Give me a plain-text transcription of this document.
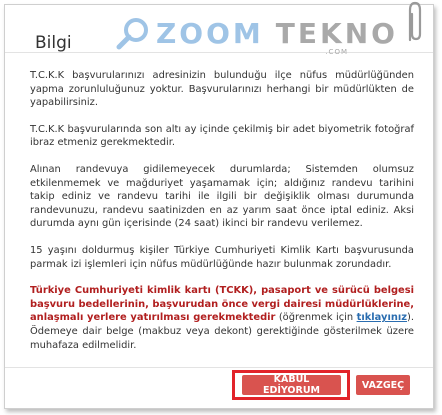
Bilgi	ZOOM TEKNO
.COM

T.C.K.K başvurularınızı adresinizin bulunduğu ilçe nüfus müdürlüğünden yapma zorunluluğunuz yoktur. Başvurularınızı herhangi bir müdürlükten de yapabilirsiniz.

T.C.K.K başvurularında son altı ay içinde çekilmiş bir adet biyometrik fotoğraf ibraz etmeniz gerekmektedir.

Alınan randevuya gidilemeyecek durumlarda; Sistemden olumsuz etkilenmemek ve mağduriyet yaşamamak için; aldığınız randevu tarihini takip ediniz ve randevu tarihi ile ilgili bir değişiklik olması durumunda randevunuzu, randevu saatinizden en az yarım saat önce iptal ediniz. Aksi durumda aynı gün içerisinde (24 saat) ikinci bir randevu verilemez.

15 yaşını doldurmuş kişiler Türkiye Cumhuriyeti Kimlik Kartı başvurusunda parmak izi işlemleri için nüfus müdürlüğünde hazır bulunmak zorundadır.

Türkiye Cumhuriyeti kimlik kartı (TCKK), pasaport ve sürücü belgesi başvuru bedellerinin, başvurudan önce vergi dairesi müdürlüklerine, anlaşmalı yerlere yatırılması gerekmektedir (öğrenmek için tıklayınız). Ödemeye dair belge (makbuz veya dekont) gerektiğinde gösterilmek üzere muhafaza edilmelidir.

KABUL EDİYORUM	VAZGEÇ
